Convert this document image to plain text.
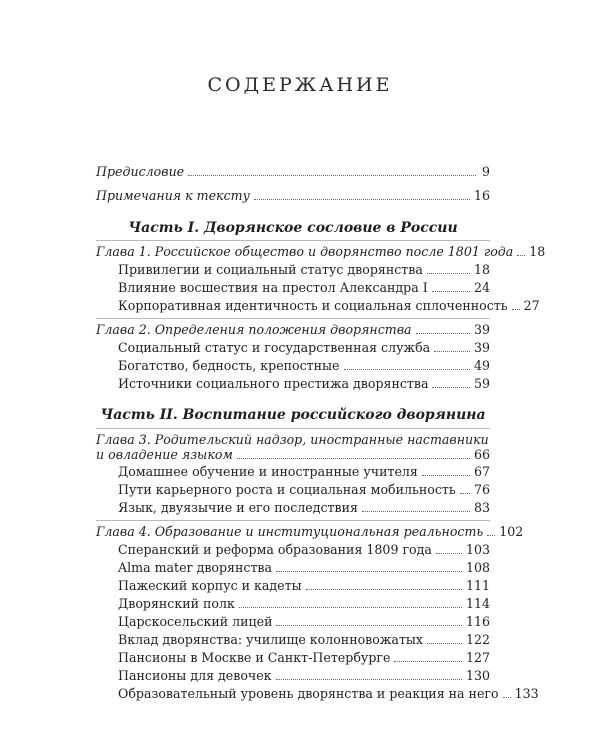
СОДЕРЖАНИЕ
Предисловие	9
Примечания к тексту	16
Часть I. Дворянское сословие в России
Глава 1. Российское общество и дворянство после 1801 года 18
Привилегии и социальный статус дворянства	18
Влияние восшествия на престол Александра I	24
Корпоративная идентичность и социальная сплоченность 27
Глава 2. Определения положения дворянства	39
Социальный статус и государственная служба	39
Богатство, бедность, крепостные	49
Источники социального престижа дворянства	59
Часть II. Воспитание российского дворянина
Глава 3. Родительский надзор, иностранные наставники
и овладение языком	66
Домашнее обучение и иностранные учителя	67
Пути карьерного роста и социальная мобильность 76
Язык, двуязычие и его последствия	83
Глава 4. Образование и институциональная реальность 102
Сперанский и реформа образования 1809 года	103
Alma mater дворянства	108
Пажеский корпус и кадеты	111
Дворянский полк	114
Царскосельский лицей	116
Вклад дворянства: училище колонновожатых	122
Пансионы в Москве и Санкт-Петербурге	127
Пансионы для девочек	130
Образовательный уровень дворянства и реакция на него 133
